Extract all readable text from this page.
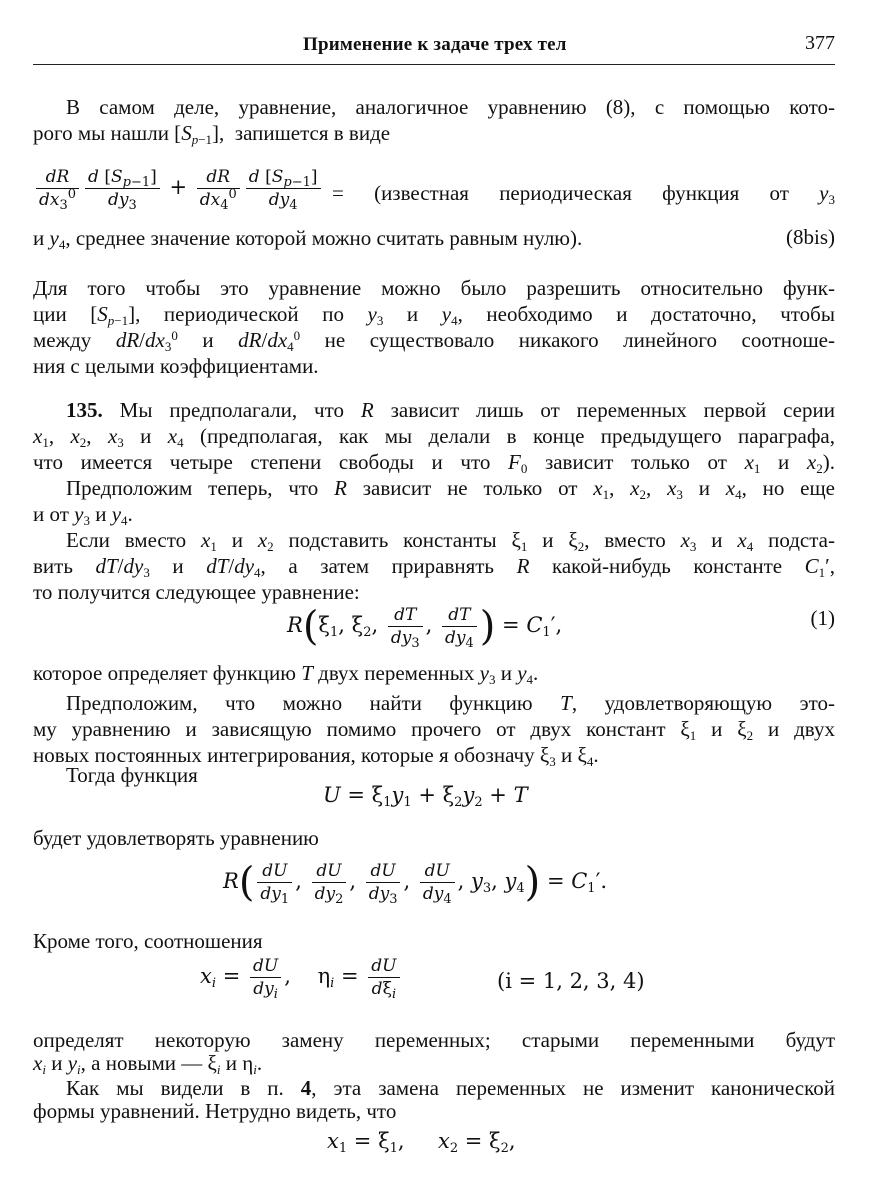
Применение к задаче трех тел	377
В самом деле, уравнение, аналогичное уравнению (8), с помощью кото-
рого мы нашли $[S_{p-1}]$,  запишется в виде
$\frac{dR}{dx_3^0} \frac{d [S_{p-1}]}{dy_3} + \frac{dR}{dx_4^0} \frac{d [S_{p-1}]}{dy_4}$ = (известная периодическая функция от $y_3$
и $y_4$, среднее значение которой можно считать равным нулю).	(8bis)
Для того чтобы это уравнение можно было разрешить относительно функ-
ции $[S_{p-1}]$, периодической по $y_3$ и $y_4$, необходимо и достаточно, чтобы
между $dR/dx_3^0$ и $dR/dx_4^0$ не существовало никакого линейного соотноше-
ния с целыми коэффициентами.
135. Мы предполагали, что R зависит лишь от переменных первой серии
$x_1$, $x_2$, $x_3$ и $x_4$ (предполагая, как мы делали в конце предыдущего параграфа,
что имеется четыре степени свободы и что $F_0$ зависит только от $x_1$ и $x_2$).
Предположим теперь, что R зависит не только от $x_1$, $x_2$, $x_3$ и $x_4$, но еще
и от $y_3$ и $y_4$.
Если вместо $x_1$ и $x_2$ подставить константы $\xi_1$ и $\xi_2$, вместо $x_3$ и $x_4$ подста-
вить $dT/dy_3$ и $dT/dy_4$, а затем приравнять R какой-нибудь константе $C_1'$,
то получится следующее уравнение:
$R(\xi_1$, $\xi_2$, $\frac{dT}{dy_3}$ , $\frac{dT}{dy_4}$ ) = $C_1'$,	(1)
которое определяет функцию T двух переменных $y_3$ и $y_4$.
Предположим, что можно найти функцию T, удовлетворяющую это-
му уравнению и зависящую помимо прочего от двух констант $\xi_1$ и $\xi_2$ и двух
новых постоянных интегрирования, которые я обозначу $\xi_3$ и $\xi_4$.
Тогда функция
$U = \xi_1y_1 + \xi_2y_2 + T$
будет удовлетворять уравнению
$R( \frac{dU}{dy_1}$ , $\frac{dU}{dy_2}$ , $\frac{dU}{dy_3}$ , $\frac{dU}{dy_4}$ , $y_3$, $y_4) = C_1'$.
Кроме того, соотношения
$x_i = \frac{dU}{dy_i}$ ,    $\eta_i = \frac{dU}{d\xi_i}$	(i = 1, 2, 3, 4)
определят некоторую замену переменных; старыми переменными будут
$x_i$ и $y_i$, а новыми — $\xi_i$ и $\eta_i$.
Как мы видели в п. 4, эта замена переменных не изменит канонической
формы уравнений. Нетрудно видеть, что
$x_1 = \xi_1$,     $x_2 = \xi_2$,
